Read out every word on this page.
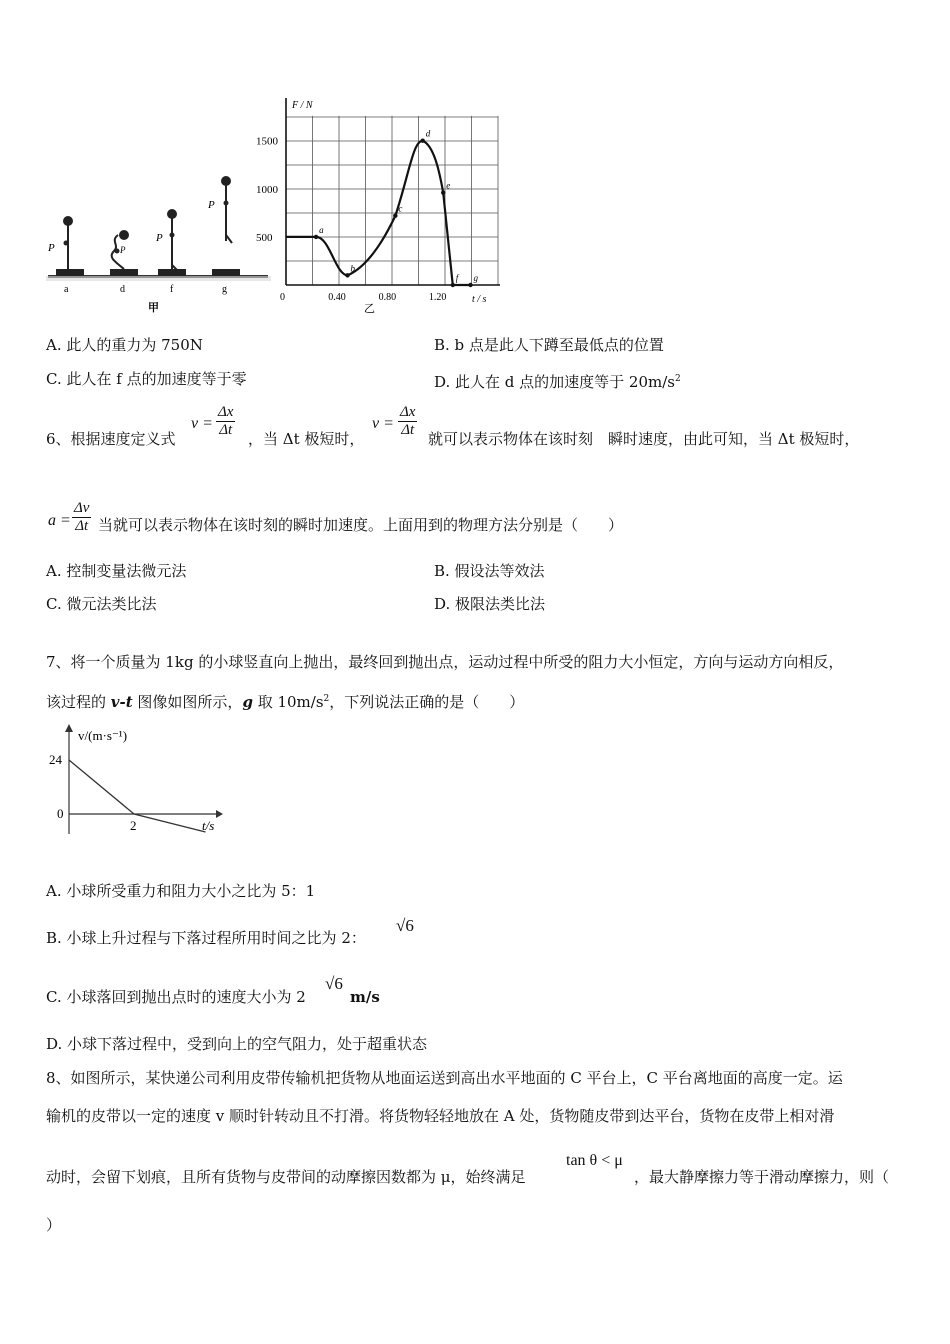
P	P
P
P
a	d	f	g
甲
F / N
t / s
0
500
1000
1500
0.40	0.80	1.20
a
b
c
d
e
f g
乙
A. 此人的重力为 750N	B. b 点是此人下蹲至最低点的位置
C. 此人在 f 点的加速度等于零	D. 此人在 d 点的加速度等于 $20m/s^2$
6、根据速度定义式
$v = \frac{\Delta x}{\Delta t}$ ，当 Δt 极短时，
$v = \frac{\Delta x}{\Delta t}$ 就可以表示物体在该时刻　瞬时速度，由此可知，当 Δt 极短时，
$a = \frac{\Delta v}{\Delta t}$ 当就可以表示物体在该时刻的瞬时加速度。上面用到的物理方法分别是（　　）
A. 控制变量法微元法	B. 假设法等效法
C. 微元法类比法	D. 极限法类比法
7、将一个质量为 1kg 的小球竖直向上抛出，最终回到抛出点，运动过程中所受的阻力大小恒定，方向与运动方向相反，
该过程的 v-t 图像如图所示，g 取 $10m/s^2$，下列说法正确的是（　　）
24
0
2	t/s
v/(m·s⁻¹)
A. 小球所受重力和阻力大小之比为 5：1
B. 小球上升过程与下落过程所用时间之比为 2：
√6
C. 小球落回到抛出点时的速度大小为 2
√6
m/s
D. 小球下落过程中，受到向上的空气阻力，处于超重状态
8、如图所示，某快递公司利用皮带传输机把货物从地面运送到高出水平地面的 C 平台上，C 平台离地面的高度一定。运
输机的皮带以一定的速度 v 顺时针转动且不打滑。将货物轻轻地放在 A 处，货物随皮带到达平台，货物在皮带上相对滑
动时，会留下划痕，且所有货物与皮带间的动摩擦因数都为 μ，始终满足
tan θ < μ
，最大静摩擦力等于滑动摩擦力，则（
）
